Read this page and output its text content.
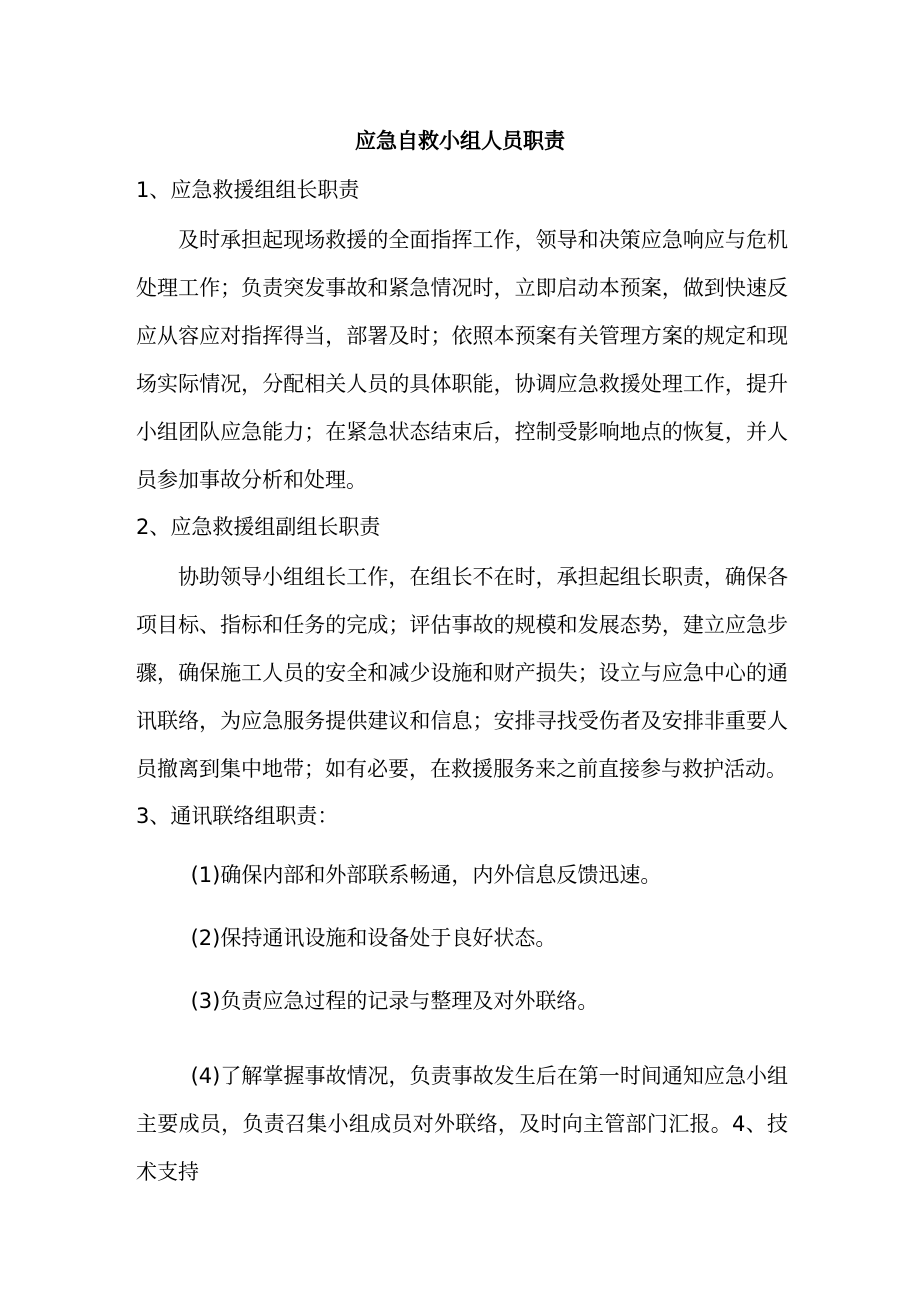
应急自救小组人员职责
1、应急救援组组长职责
及时承担起现场救援的全面指挥工作，领导和决策应急响应与危机处理工作；负责突发事故和紧急情况时，立即启动本预案，做到快速反应从容应对指挥得当，部署及时；依照本预案有关管理方案的规定和现场实际情况，分配相关人员的具体职能，协调应急救援处理工作，提升小组团队应急能力；在紧急状态结束后，控制受影响地点的恢复，并人员参加事故分析和处理。
2、应急救援组副组长职责
协助领导小组组长工作，在组长不在时，承担起组长职责，确保各项目标、指标和任务的完成；评估事故的规模和发展态势，建立应急步骤，确保施工人员的安全和减少设施和财产损失；设立与应急中心的通讯联络，为应急服务提供建议和信息；安排寻找受伤者及安排非重要人员撤离到集中地带；如有必要，在救援服务来之前直接参与救护活动。
3、通讯联络组职责：
(1)确保内部和外部联系畅通，内外信息反馈迅速。
(2)保持通讯设施和设备处于良好状态。
(3)负责应急过程的记录与整理及对外联络。
(4)了解掌握事故情况，负责事故发生后在第一时间通知应急小组主要成员，负责召集小组成员对外联络，及时向主管部门汇报。4、技术支持
